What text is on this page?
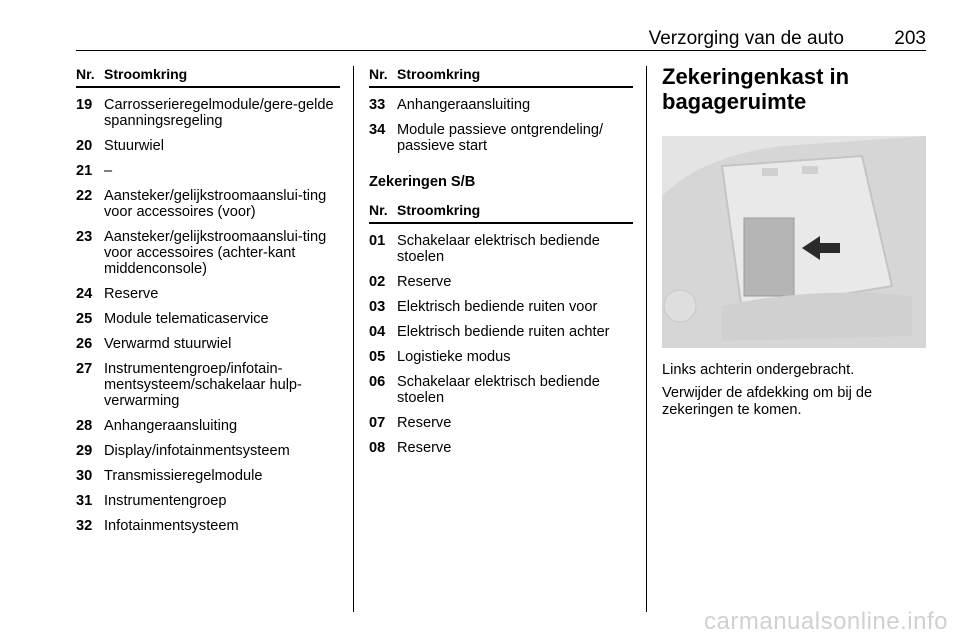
Verzorging van de auto	203
Nr. Stroomkring
19 Carrosserieregelmodule/gere-gelde spanningsregeling
20 Stuurwiel
21 –
22 Aansteker/gelijkstroomaanslui-ting voor accessoires (voor)
23 Aansteker/gelijkstroomaanslui-ting voor accessoires (achter-kant middenconsole)
24 Reserve
25 Module telematicaservice
26 Verwarmd stuurwiel
27 Instrumentengroep/infotain-mentsysteem/schakelaar hulp-verwarming
28 Anhangeraansluiting
29 Display/infotainmentsysteem
30 Transmissieregelmodule
31 Instrumentengroep
32 Infotainmentsysteem
Nr. Stroomkring
33 Anhangeraansluiting
34 Module passieve ontgrendeling/ passieve start
Zekeringen S/B
Nr. Stroomkring
01 Schakelaar elektrisch bediende stoelen
02 Reserve
03 Elektrisch bediende ruiten voor
04 Elektrisch bediende ruiten achter
05 Logistieke modus
06 Schakelaar elektrisch bediende stoelen
07 Reserve
08 Reserve
Zekeringenkast in bagageruimte
Links achterin ondergebracht.
Verwijder de afdekking om bij de zekeringen te komen.
carmanualsonline.info
